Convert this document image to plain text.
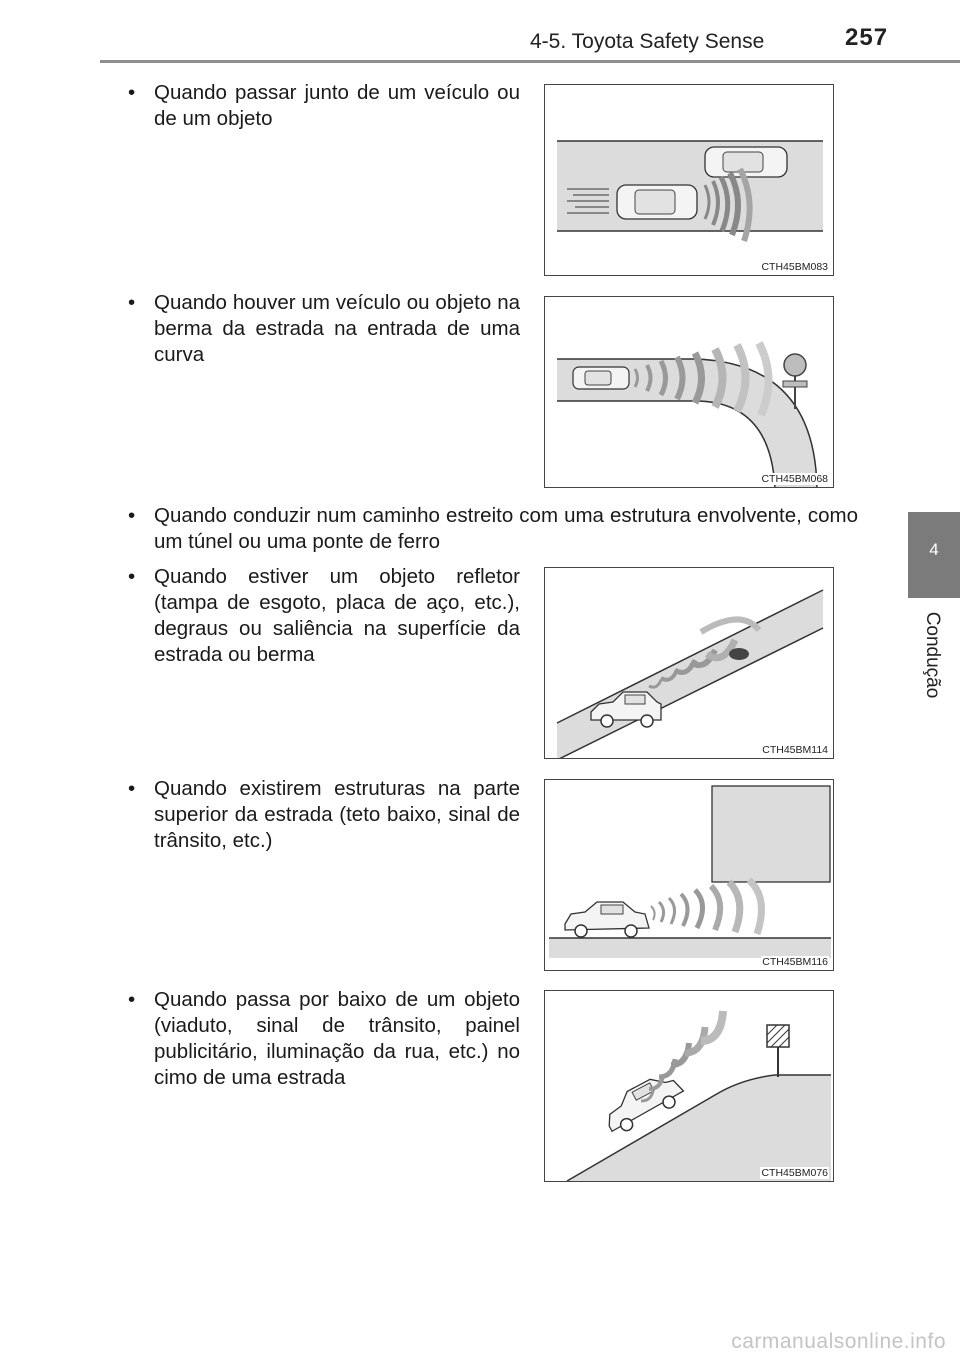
4-5. Toyota Safety Sense	257
4
Condução
• Quando passar junto de um veículo ou de um objeto
• Quando houver um veículo ou objeto na berma da estrada na entrada de uma curva
• Quando conduzir num caminho estreito com uma estrutura envolvente, como um túnel ou uma ponte de ferro
• Quando estiver um objeto refletor (tampa de esgoto, placa de aço, etc.), degraus ou saliência na superfície da estrada ou berma
• Quando existirem estruturas na parte superior da estrada (teto baixo, sinal de trânsito, etc.)
• Quando passa por baixo de um objeto (viaduto, sinal de trânsito, painel publicitário, iluminação da rua, etc.) no cimo de uma estrada
CTH45BM083
CTH45BM068
CTH45BM114
CTH45BM116
CTH45BM076
carmanualsonline.info
